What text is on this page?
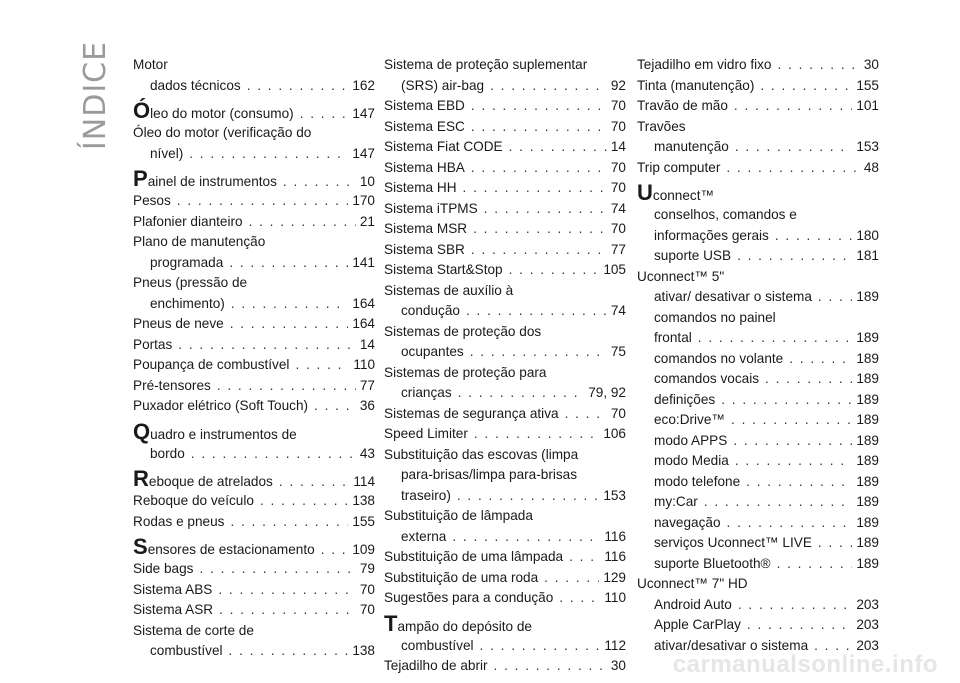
ÍNDICE Motor
dados técnicos . . .	162
Óleo do motor (consumo) . . .	147
Óleo do motor (verificação do
nível) . . .	147
Painel de instrumentos . . .	10
Pesos . . .	170
Plafonier dianteiro . . .	21
Plano de manutenção
programada . . .	141
Pneus (pressão de
enchimento) . . .	164
Pneus de neve . . .	164
Portas . . .	14
Poupança de combustível . . .	110
Pré-tensores . . .	77
Puxador elétrico (Soft Touch) . . .	36
Quadro e instrumentos de
bordo . . .	43
Reboque de atrelados . . .	114
Reboque do veículo . . .	138
Rodas e pneus . . .	155
Sensores de estacionamento . . .	109
Side bags . . .	79
Sistema ABS . . .	70
Sistema ASR . . .	70
Sistema de corte de
combustível . . .	138
Sistema de proteção suplementar
(SRS) air-bag . . .	92
Sistema EBD . . .	70
Sistema ESC . . .	70
Sistema Fiat CODE . . .	14
Sistema HBA . . .	70
Sistema HH . . .	70
Sistema iTPMS . . .	74
Sistema MSR . . .	70
Sistema SBR . . .	77
Sistema Start&Stop . . .	105
Sistemas de auxílio à
condução . . .	74
Sistemas de proteção dos
ocupantes . . .	75
Sistemas de proteção para
crianças . . .	79, 92
Sistemas de segurança ativa . . .	70
Speed Limiter . . .	106
Substituição das escovas (limpa
para-brisas/limpa para-brisas
traseiro) . . .	153
Substituição de lâmpada
externa . . .	116
Substituição de uma lâmpada . . .	116
Substituição de uma roda . . .	129
Sugestões para a condução . . .	110
Tampão do depósito de
combustível . . .	112
Tejadilho de abrir . . .	30
Tejadilho em vidro fixo . . .	30
Tinta (manutenção) . . .	155
Travão de mão . . .	101
Travões
manutenção . . .	153
Trip computer . . .	48
Uconnect™
conselhos, comandos e
informações gerais . . .	180
suporte USB . . .	181
Uconnect™ 5"
ativar/ desativar o sistema . . .	189
comandos no painel
frontal . . .	189
comandos no volante . . .	189
comandos vocais . . .	189
definições . . .	189
eco:Drive™ . . .	189
modo APPS . . .	189
modo Media . . .	189
modo telefone . . .	189
my:Car . . .	189
navegação . . .	189
serviços Uconnect™ LIVE . . .	189
suporte Bluetooth® . . .	189
Uconnect™ 7" HD
Android Auto . . .	203
Apple CarPlay . . .	203
ativar/desativar o sistema . . .	203
carmanualsonline.info
